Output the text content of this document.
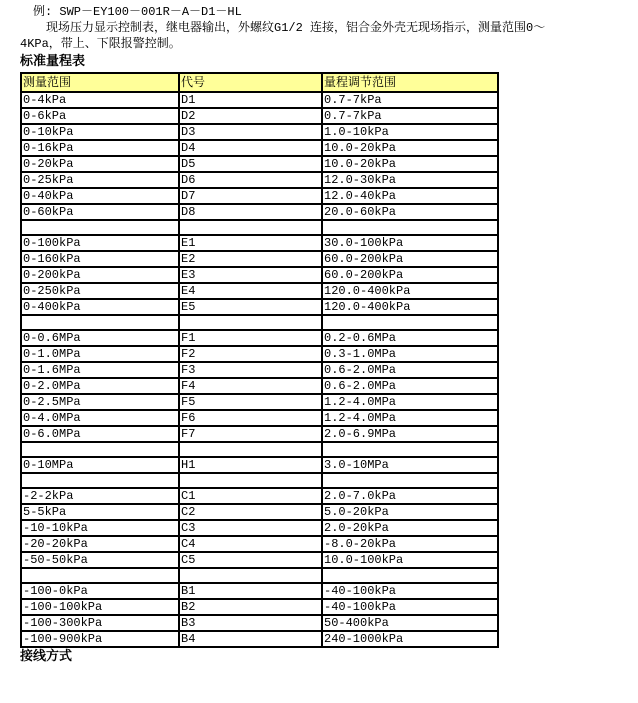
例: SWP－EY100－001R－A－D1－HL

现场压力显示控制表，继电器输出，外螺纹G1/2 连接，铝合金外壳无现场指示，测量范围0～

4KPa，带上、下限报警控制。

标准量程表

测量范围	代号	量程调节范围
0-4kPa	D1	0.7-7kPa
0-6kPa	D2	0.7-7kPa
0-10kPa	D3	1.0-10kPa
0-16kPa	D4	10.0-20kPa
0-20kPa	D5	10.0-20kPa
0-25kPa	D6	12.0-30kPa
0-40kPa	D7	12.0-40kPa
0-60kPa	D8	20.0-60kPa

0-100kPa	E1	30.0-100kPa
0-160kPa	E2	60.0-200kPa
0-200kPa	E3	60.0-200kPa
0-250kPa	E4	120.0-400kPa
0-400kPa	E5	120.0-400kPa

0-0.6MPa	F1	0.2-0.6MPa
0-1.0MPa	F2	0.3-1.0MPa
0-1.6MPa	F3	0.6-2.0MPa
0-2.0MPa	F4	0.6-2.0MPa
0-2.5MPa	F5	1.2-4.0MPa
0-4.0MPa	F6	1.2-4.0MPa
0-6.0MPa	F7	2.0-6.9MPa

0-10MPa	H1	3.0-10MPa

-2-2kPa	C1	2.0-7.0kPa
5-5kPa	C2	5.0-20kPa
-10-10kPa	C3	2.0-20kPa
-20-20kPa	C4	-8.0-20kPa
-50-50kPa	C5	10.0-100kPa

-100-0kPa	B1	-40-100kPa
-100-100kPa	B2	-40-100kPa
-100-300kPa	B3	50-400kPa
-100-900kPa	B4	240-1000kPa

接线方式
